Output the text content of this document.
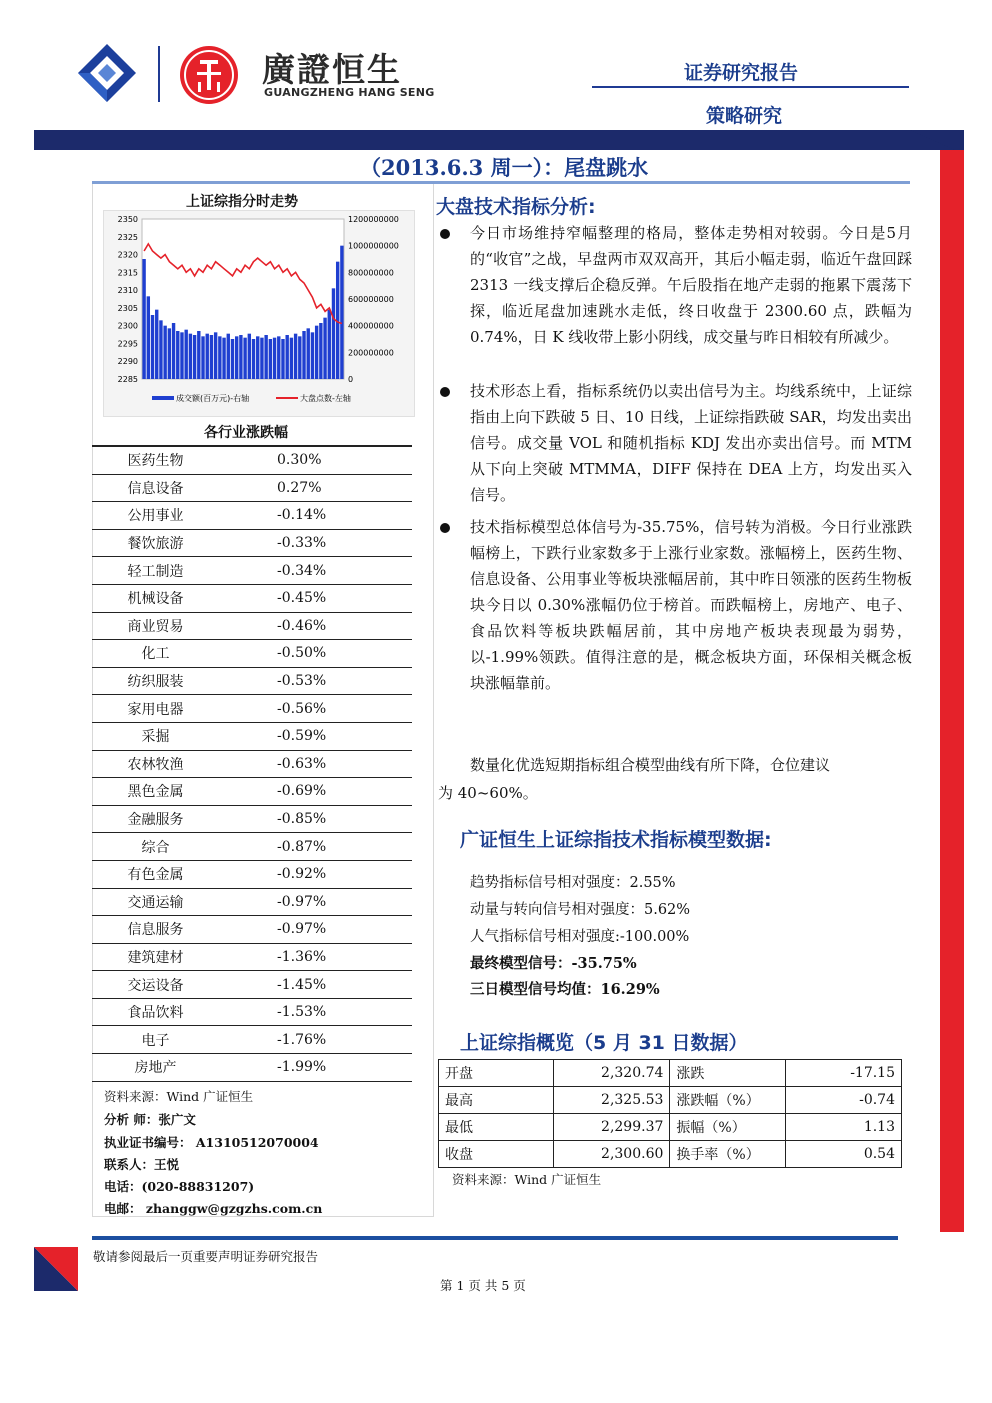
廣證恒生
GUANGZHENG HANG SENG
证券研究报告
策略研究
（2013.6.3 周一）：尾盘跳水
上证综指分时走势
2350
2325
2320
2315
2310
2305
2300
2295
2290
2285
1200000000
1000000000
800000000
600000000
400000000
200000000
0
成交额(百万元)-右轴	大盘点数-左轴
各行业涨跌幅
医药生物	0.30%
信息设备	0.27%
公用事业	-0.14%
餐饮旅游	-0.33%
轻工制造	-0.34%
机械设备	-0.45%
商业贸易	-0.46%
化工	-0.50%
纺织服装	-0.53%
家用电器	-0.56%
采掘	-0.59%
农林牧渔	-0.63%
黑色金属	-0.69%
金融服务	-0.85%
综合	-0.87%
有色金属	-0.92%
交通运输	-0.97%
信息服务	-0.97%
建筑建材	-1.36%
交运设备	-1.45%
食品饮料	-1.53%
电子	-1.76%
房地产	-1.99%
资料来源：Wind 广证恒生
分析 师：张广文
执业证书编号： A1310512070004
联系人：王悦
电话：(020-88831207)
电邮： zhanggw@gzgzhs.com.cn
大盘技术指标分析:
今日市场维持窄幅整理的格局，整体走势相对较弱。今日是5月的“收官”之战，早盘两市双双高开，其后小幅走弱，临近午盘回踩 2313 一线支撑后企稳反弹。午后股指在地产走弱的拖累下震荡下探，临近尾盘加速跳水走低，终日收盘于 2300.60 点，跌幅为 0.74%，日 K 线收带上影小阴线，成交量与昨日相较有所减少。
技术形态上看，指标系统仍以卖出信号为主。均线系统中，上证综指由上向下跌破 5 日、10 日线，上证综指跌破 SAR，均发出卖出信号。成交量 VOL 和随机指标 KDJ 发出亦卖出信号。而 MTM 从下向上突破 MTMMA，DIFF 保持在 DEA 上方，均发出买入信号。
技术指标模型总体信号为-35.75%，信号转为消极。今日行业涨跌幅榜上，下跌行业家数多于上涨行业家数。涨幅榜上，医药生物、信息设备、公用事业等板块涨幅居前，其中昨日领涨的医药生物板块今日以 0.30%涨幅仍位于榜首。而跌幅榜上，房地产、电子、食品饮料等板块跌幅居前，其中房地产板块表现最为弱势，以-1.99%领跌。值得注意的是，概念板块方面，环保相关概念板块涨幅靠前。
数量化优选短期指标组合模型曲线有所下降，仓位建议
为 40~60%。
广证恒生上证综指技术指标模型数据:
趋势指标信号相对强度：2.55%
动量与转向信号相对强度：5.62%
人气指标信号相对强度:-100.00%
最终模型信号：-35.75%
三日模型信号均值：16.29%
上证综指概览（5 月 31 日数据）
开盘	2,320.74	涨跌	-17.15
最高	2,325.53	涨跌幅（%）	-0.74
最低	2,299.37	振幅（%）	1.13
收盘	2,300.60	换手率（%）	0.54
资料来源：Wind 广证恒生
敬请参阅最后一页重要声明证券研究报告
第 1 页 共 5 页
